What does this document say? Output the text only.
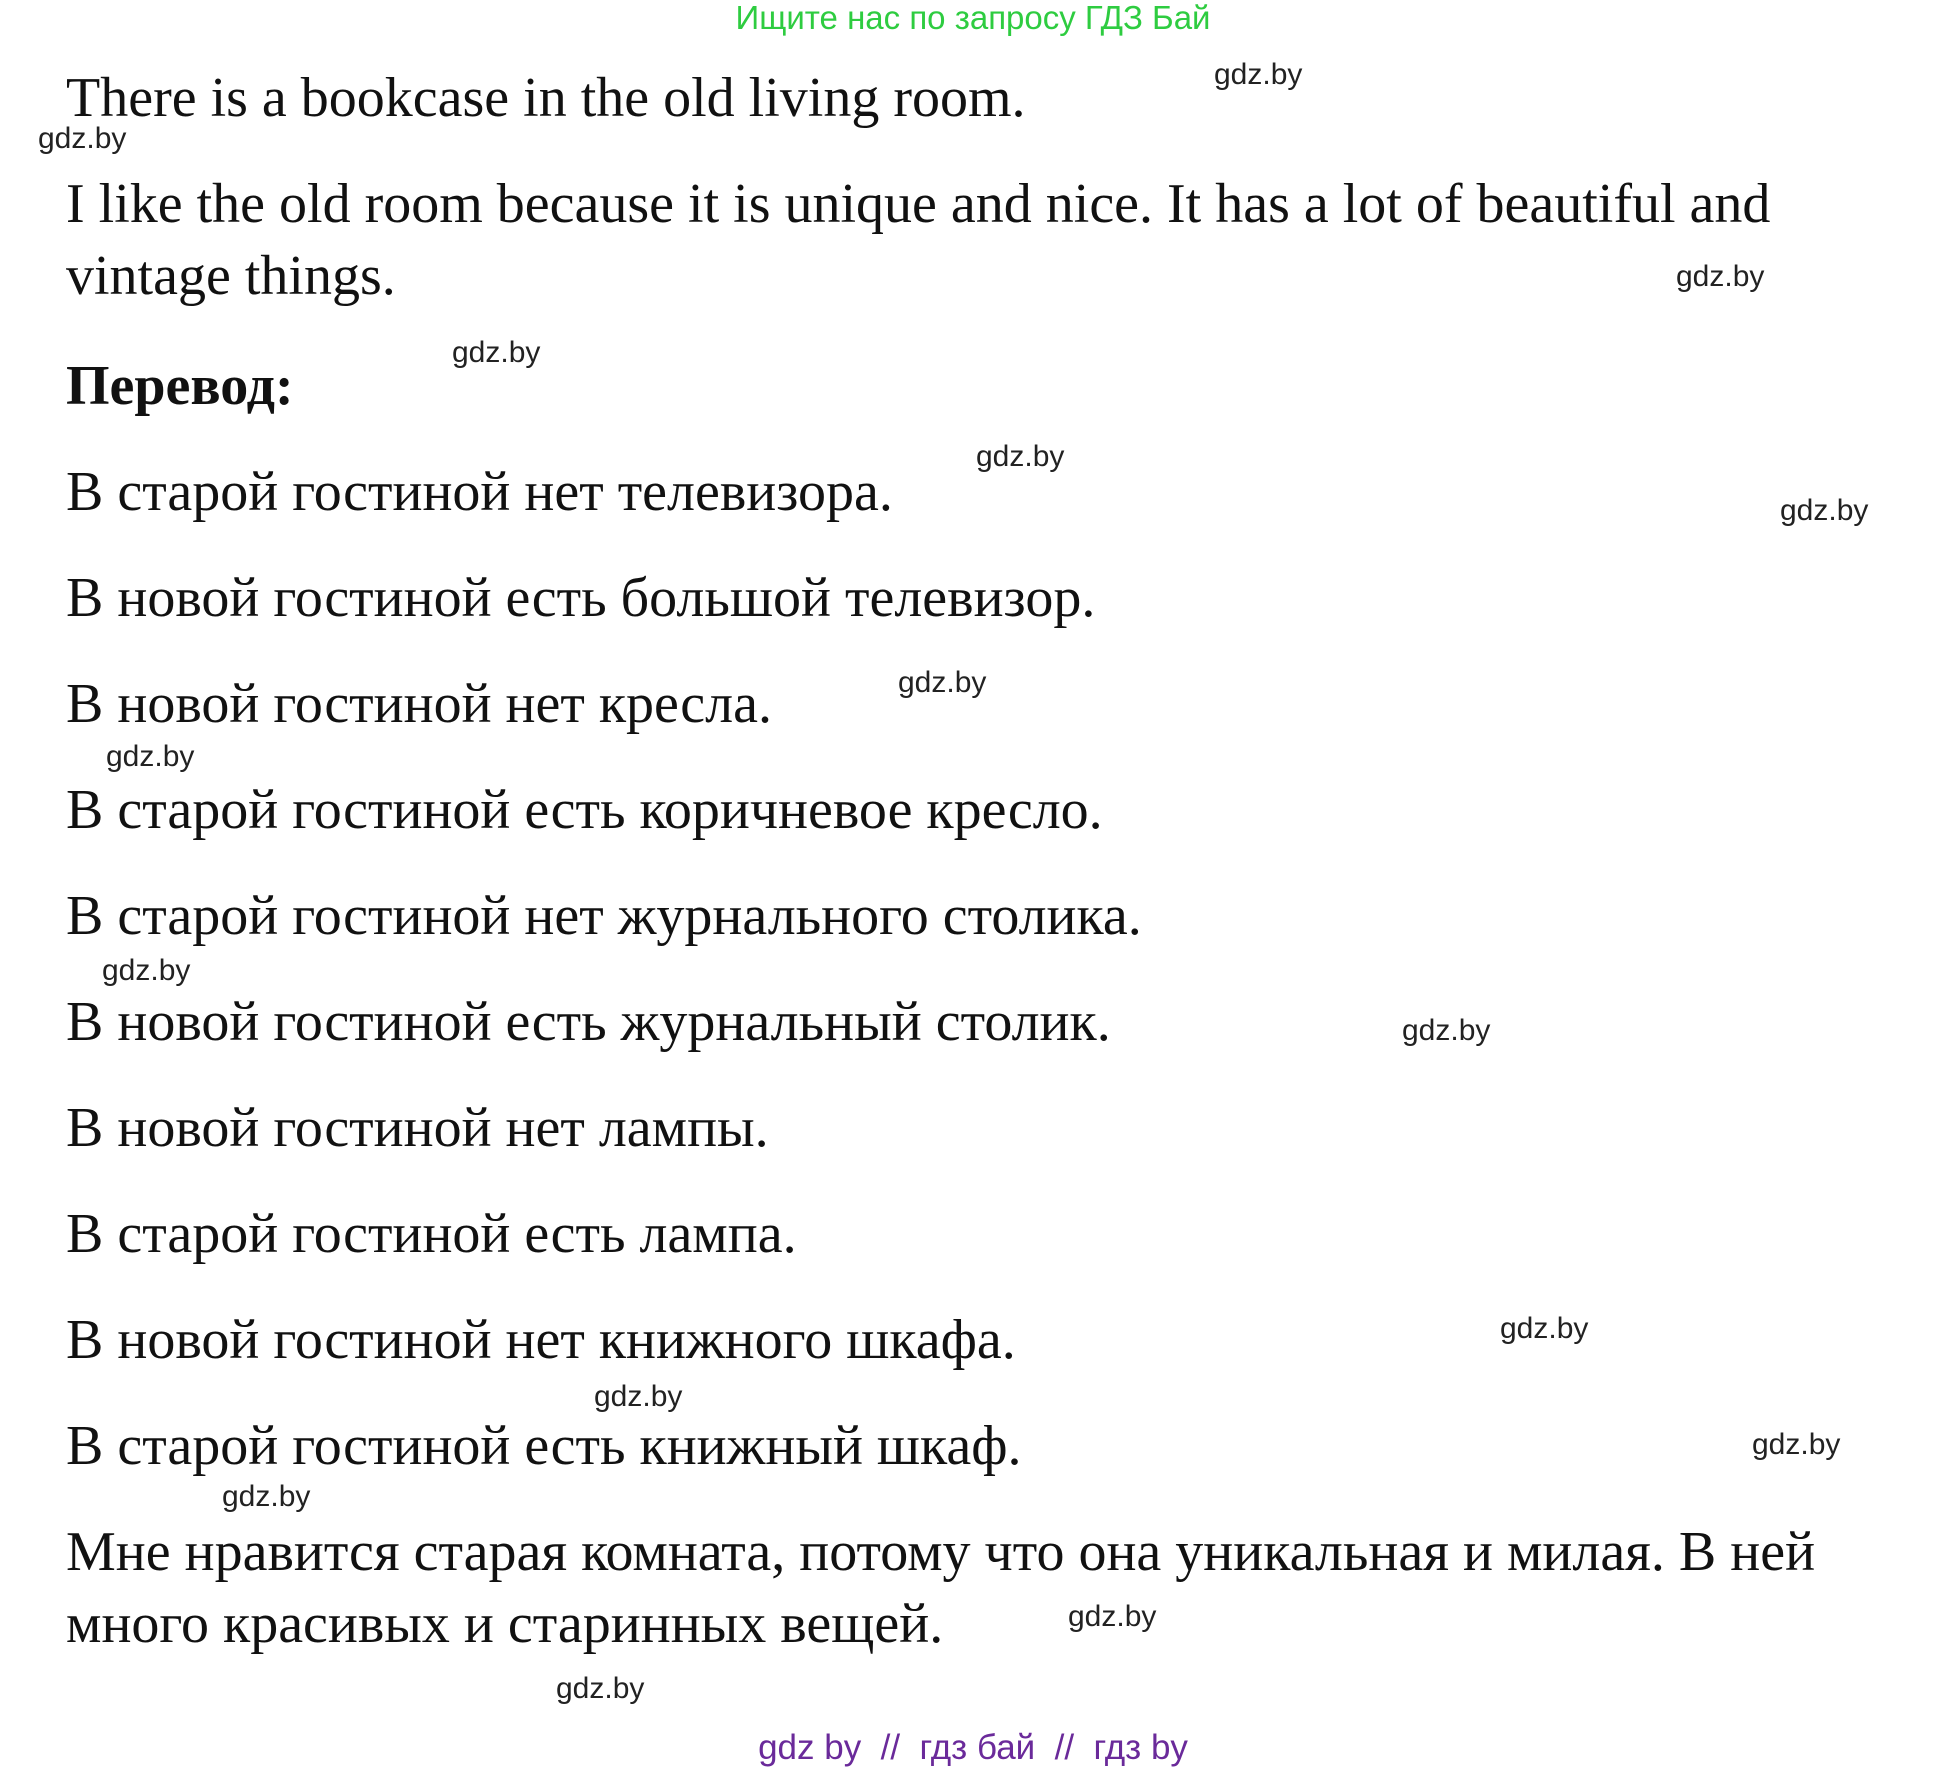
Ищите нас по запросу ГДЗ Бай
There is a bookcase in the old living room.
I like the old room because it is unique and nice. It has a lot of beautiful and
vintage things.
Перевод:
В старой гостиной нет телевизора.
В новой гостиной есть большой телевизор.
В новой гостиной нет кресла.
В старой гостиной есть коричневое кресло.
В старой гостиной нет журнального столика.
В новой гостиной есть журнальный столик.
В новой гостиной нет лампы.
В старой гостиной есть лампа.
В новой гостиной нет книжного шкафа.
В старой гостиной есть книжный шкаф.
Мне нравится старая комната, потому что она уникальная и милая. В ней
много красивых и старинных вещей.
gdz.by
gdz.by
gdz.by
gdz.by
gdz.by
gdz.by
gdz.by
gdz.by
gdz.by
gdz.by
gdz.by
gdz.by
gdz.by
gdz.by
gdz.by
gdz.by
gdz by  //  гдз бай  //  гдз by
